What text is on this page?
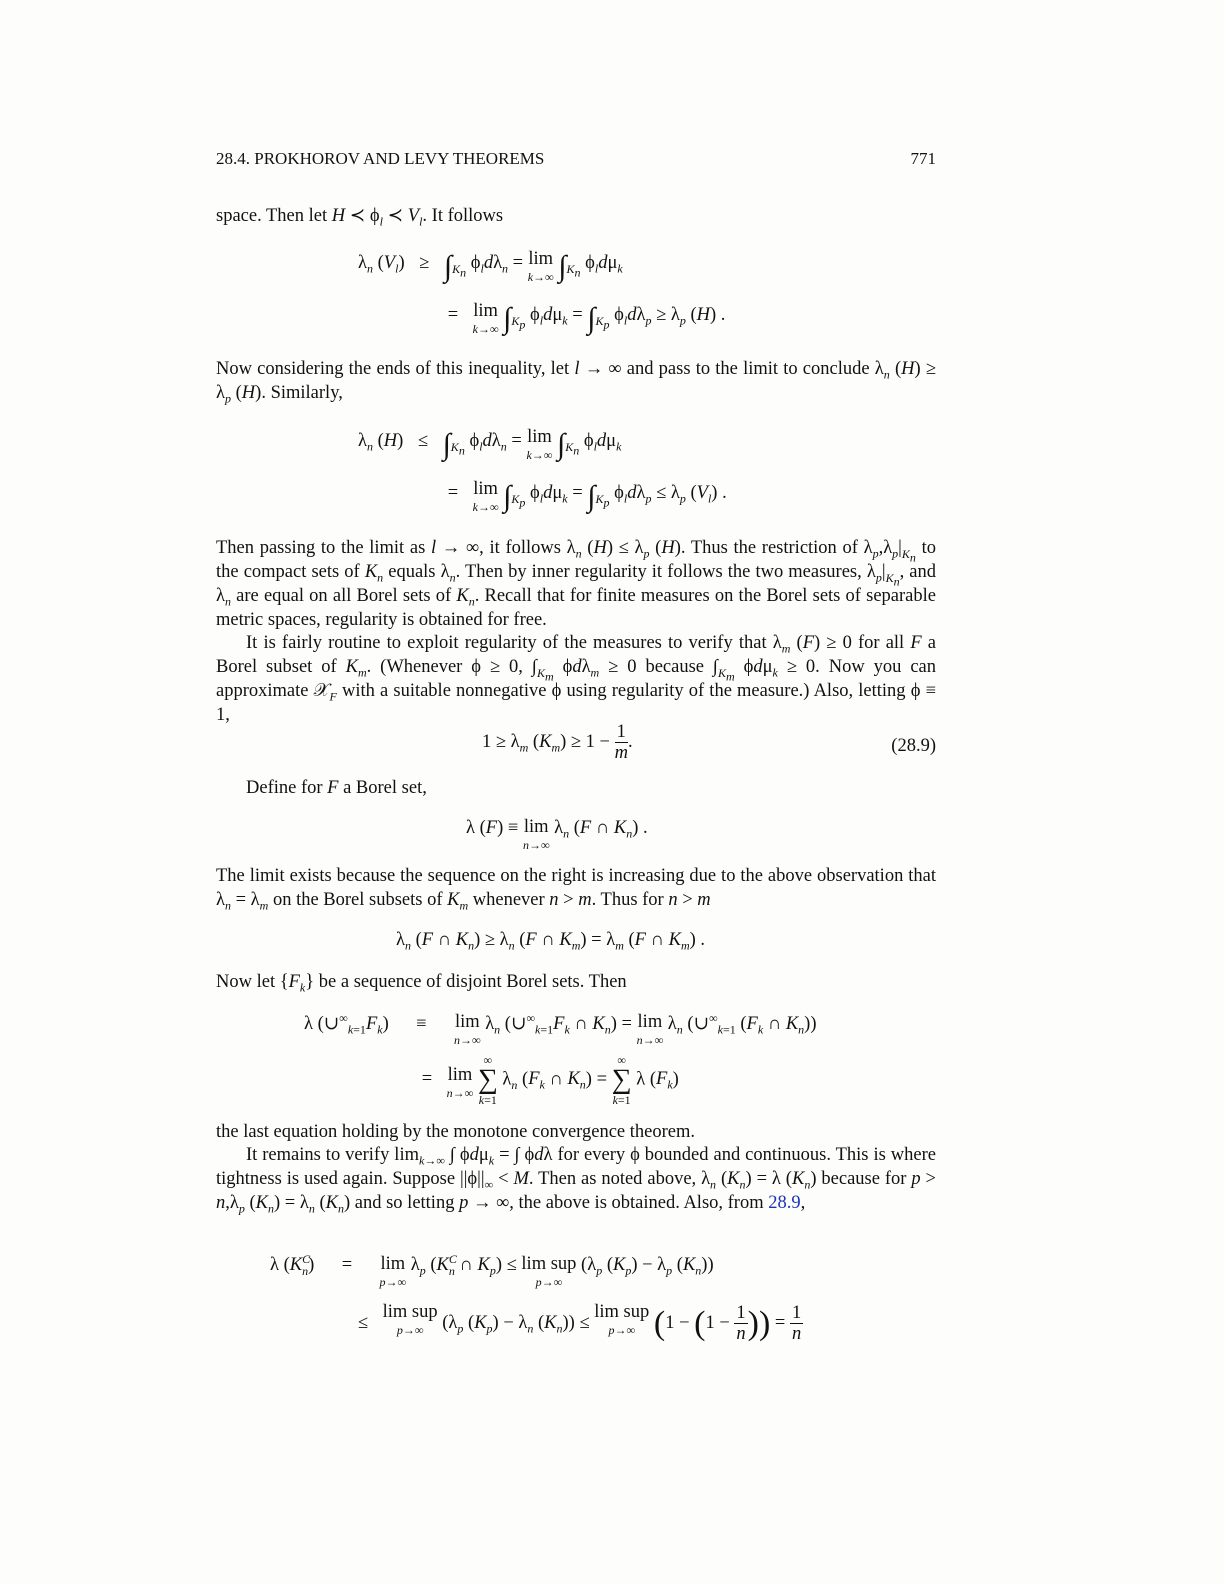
28.4. PROKHOROV AND LEVY THEOREMS	771
space. Then let H ≺ $\phi_l$ ≺ $V_l$. It follows
$\lambda_n$ $(V_l) \ge \int_{K_n}$ $\phi_ld\lambda_n = \lim$
k→∞ $\int_{K_n}$ $\phi_ld\mu_k$
= lim
k→∞ $\int_{K_p}$ $\phi_ld\mu_k = \int_{K_p}$ $\phi_ld\lambda_p \ge \lambda_p$ (H) .
Now considering the ends of this inequality, let l → ∞ and pass to the limit to conclude $\lambda_n$ $(H) \ge \lambda_p$ (H). Similarly,
$\lambda_n$ $(H) \le \int_{K_n}$ $\phi_ld\lambda_n = \lim$
k→∞ $\int_{K_n}$ $\phi_ld\mu_k$
= lim
k→∞ $\int_{K_p}$ $\phi_ld\mu_k = \int_{K_p}$ $\phi_ld\lambda_p \le \lambda_p$ $(V_l)$ .
Then passing to the limit as l → ∞, it follows $\lambda_n$ $(H) \le \lambda_p$ (H). Thus the restriction of $\lambda_p,\lambda_p|_{K_n}$ to the compact sets of $K_n$ equals $\lambda_n$. Then by inner regularity it follows the two measures, $\lambda_p|_{K_n}$, and $\lambda_n$ are equal on all Borel sets of $K_n$. Recall that for finite measures on the Borel sets of separable metric spaces, regularity is obtained for free.
It is fairly routine to exploit regularity of the measures to verify that $\lambda_m$ (F) ≥ 0 for all F a Borel subset of $K_m$. (Whenever ϕ ≥ 0, $\int_{K_m}$ ϕdλ$_m$ ≥ 0 because $\int_{K_m}$ ϕdμ$_k$ ≥ 0. Now you can approximate 𝒳$_F$ with a suitable nonnegative ϕ using regularity of the measure.) Also, letting ϕ ≡ 1,
$1 \ge \lambda_m$ $(K_m) \ge 1 - \frac{1}{m}$ .	(28.9)
Define for F a Borel set,
λ (F) ≡ lim
n→∞
$\lambda_n$ (F ∩ $K_n$) .
The limit exists because the sequence on the right is increasing due to the above observation that $\lambda_n = \lambda_m$ on the Borel subsets of $K_m$ whenever n > m. Thus for n > m
$\lambda_n$ (F ∩ $K_n) \ge \lambda_n$ (F ∩ $K_m) = \lambda_m$ (F ∩ $K_m$) .
Now let $\{F_k\}$ be a sequence of disjoint Borel sets. Then
λ $(\cup^\infty_{k=1}F_k) \equiv \lim$
n→∞
$\lambda_n$ ($\cup^\infty_{k=1}F_k$ ∩ $K_n) = \lim$
n→∞
$\lambda_n$ ($\cup^\infty_{k=1}$ ($F_k$ ∩ $K_n$))
= lim
n→∞

∞
∑
k=1
$\lambda_n$ ($F_k$ ∩ $K_n$) =
∞
∑
k=1
λ $(F_k)$
the last equation holding by the monotone convergence theorem.
It remains to verify $\lim_{k\to\infty}$ ∫ ϕdμ$_k$ = ∫ ϕdλ for every ϕ bounded and continuous. This is where tightness is used again. Suppose $||\phi||_\infty < M$. Then as noted above, $\lambda_n$ $(K_n) = \lambda$ $(K_n)$ because for $p > n,\lambda_p$ $(K_n) = \lambda_n$ $(K_n)$ and so letting p → ∞, the above is obtained. Also, from 28.9,
λ $(K^C_n) = \lim$
p→∞
$\lambda_p$ ($K^C_n$ ∩ $K_p) \le \lim$ sup
p→∞
($\lambda_p$ $(K_p) - \lambda_p$ $(K_n)$)
≤ lim sup
p→∞ ($\lambda_p$ $(K_p) - \lambda_n$ $(K_n)) \le \lim$ sup
p→∞ ($1 - (1 - \frac{1}{n}$ )) = $\frac{1}{n}$
